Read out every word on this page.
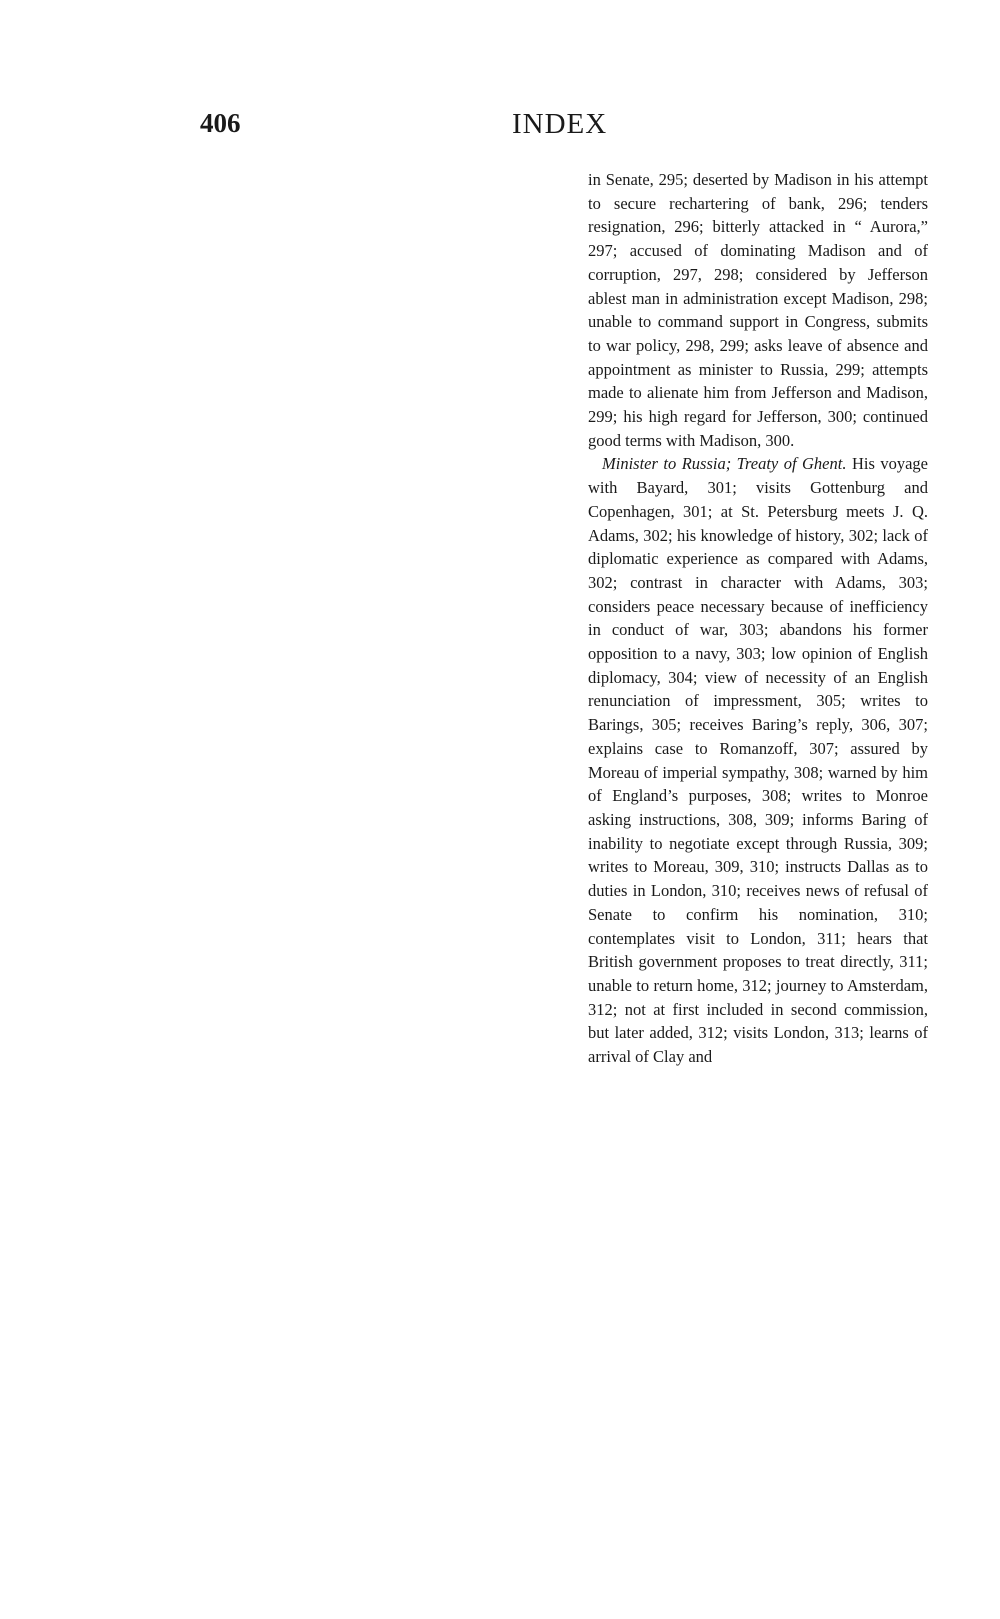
406	INDEX

in Senate, 295; deserted by Madison in his attempt to secure rechartering of bank, 296; tenders resignation, 296; bitterly attacked in “ Aurora,” 297; accused of dominating Madison and of corruption, 297, 298; considered by Jefferson ablest man in administration except Madison, 298; unable to command support in Congress, submits to war policy, 298, 299; asks leave of absence and appointment as minister to Russia, 299; attempts made to alienate him from Jefferson and Madison, 299; his high regard for Jefferson, 300; continued good terms with Madison, 300.

Minister to Russia; Treaty of Ghent. His voyage with Bayard, 301; visits Gottenburg and Copenhagen, 301; at St. Petersburg meets J. Q. Adams, 302; his knowledge of history, 302; lack of diplomatic experience as compared with Adams, 302; contrast in character with Adams, 303; considers peace necessary because of inefficiency in conduct of war, 303; abandons his former opposition to a navy, 303; low opinion of English diplomacy, 304; view of necessity of an English renunciation of impressment, 305; writes to Barings, 305; receives Baring’s reply, 306, 307; explains case to Romanzoff, 307; assured by Moreau of imperial sympathy, 308; warned by him of England’s purposes, 308; writes to Monroe asking instructions, 308, 309; informs Baring of inability to negotiate except through Russia, 309; writes to Moreau, 309, 310; instructs Dallas as to duties in London, 310; receives news of refusal of Senate to confirm his nomination, 310; contemplates visit to London, 311; hears that British government proposes to treat directly, 311; unable to return home, 312; journey to Amsterdam, 312; not at first included in second commission, but later added, 312; visits London, 313; learns of arrival of Clay and
